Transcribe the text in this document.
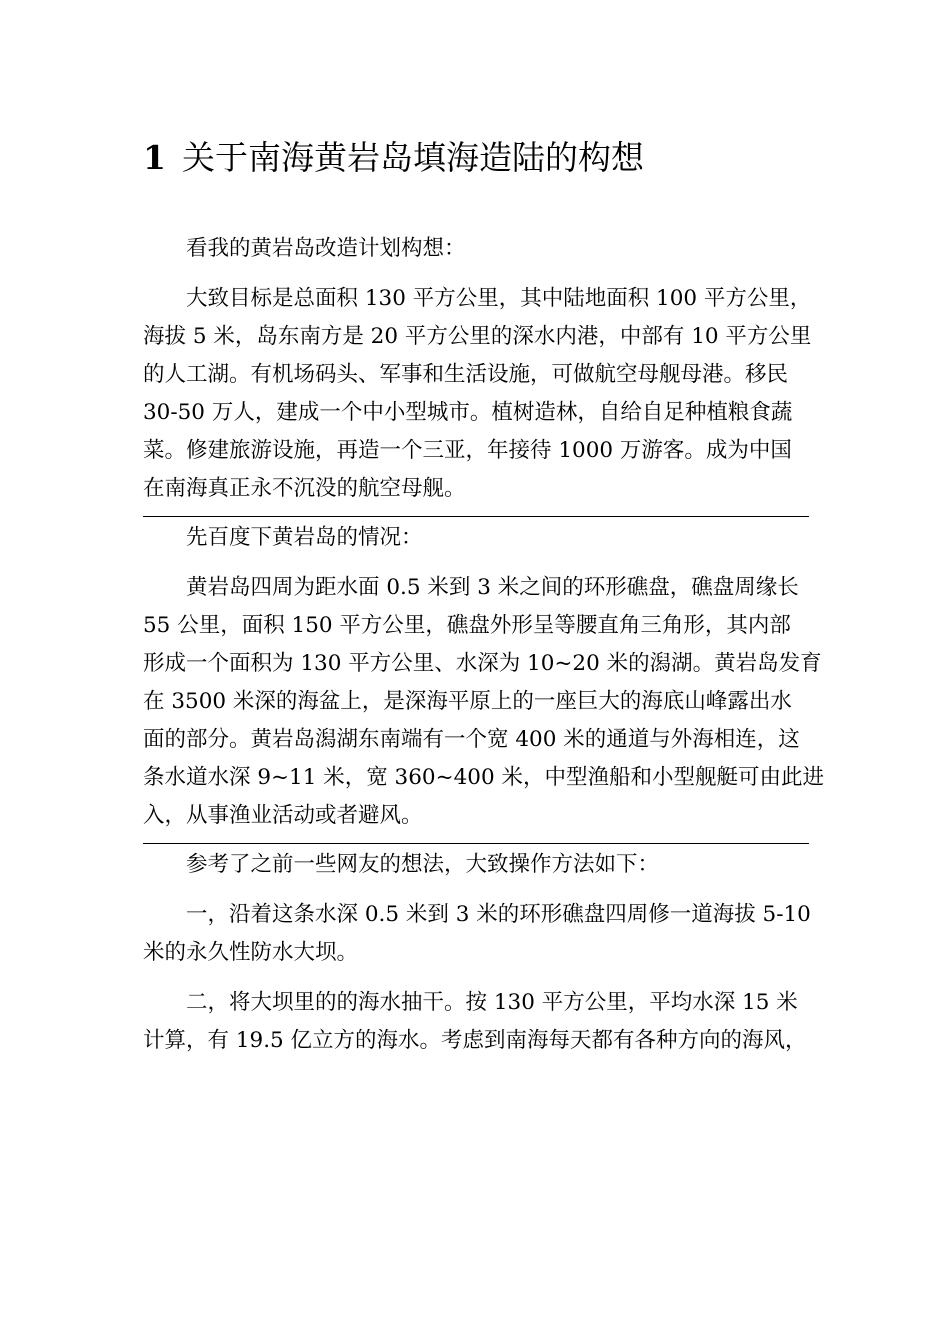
1 关于南海黄岩岛填海造陆的构想

看我的黄岩岛改造计划构想：

　　大致目标是总面积 130 平方公里，其中陆地面积 100 平方公里，
海拔 5 米，岛东南方是 20 平方公里的深水内港，中部有 10 平方公里
的人工湖。有机场码头、军事和生活设施，可做航空母舰母港。移民
30-50 万人，建成一个中小型城市。植树造林，自给自足种植粮食蔬
菜。修建旅游设施，再造一个三亚，年接待 1000 万游客。成为中国
在南海真正永不沉没的航空母舰。

先百度下黄岩岛的情况：

　　黄岩岛四周为距水面 0.5 米到 3 米之间的环形礁盘，礁盘周缘长
55 公里，面积 150 平方公里，礁盘外形呈等腰直角三角形，其内部
形成一个面积为 130 平方公里、水深为 10~20 米的潟湖。黄岩岛发育
在 3500 米深的海盆上，是深海平原上的一座巨大的海底山峰露出水
面的部分。黄岩岛潟湖东南端有一个宽 400 米的通道与外海相连，这
条水道水深 9~11 米，宽 360~400 米，中型渔船和小型舰艇可由此进
入，从事渔业活动或者避风。

参考了之前一些网友的想法，大致操作方法如下：

　　一，沿着这条水深 0.5 米到 3 米的环形礁盘四周修一道海拔 5-10
米的永久性防水大坝。
　　二，将大坝里的的海水抽干。按 130 平方公里，平均水深 15 米
计算，有 19.5 亿立方的海水。考虑到南海每天都有各种方向的海风，
